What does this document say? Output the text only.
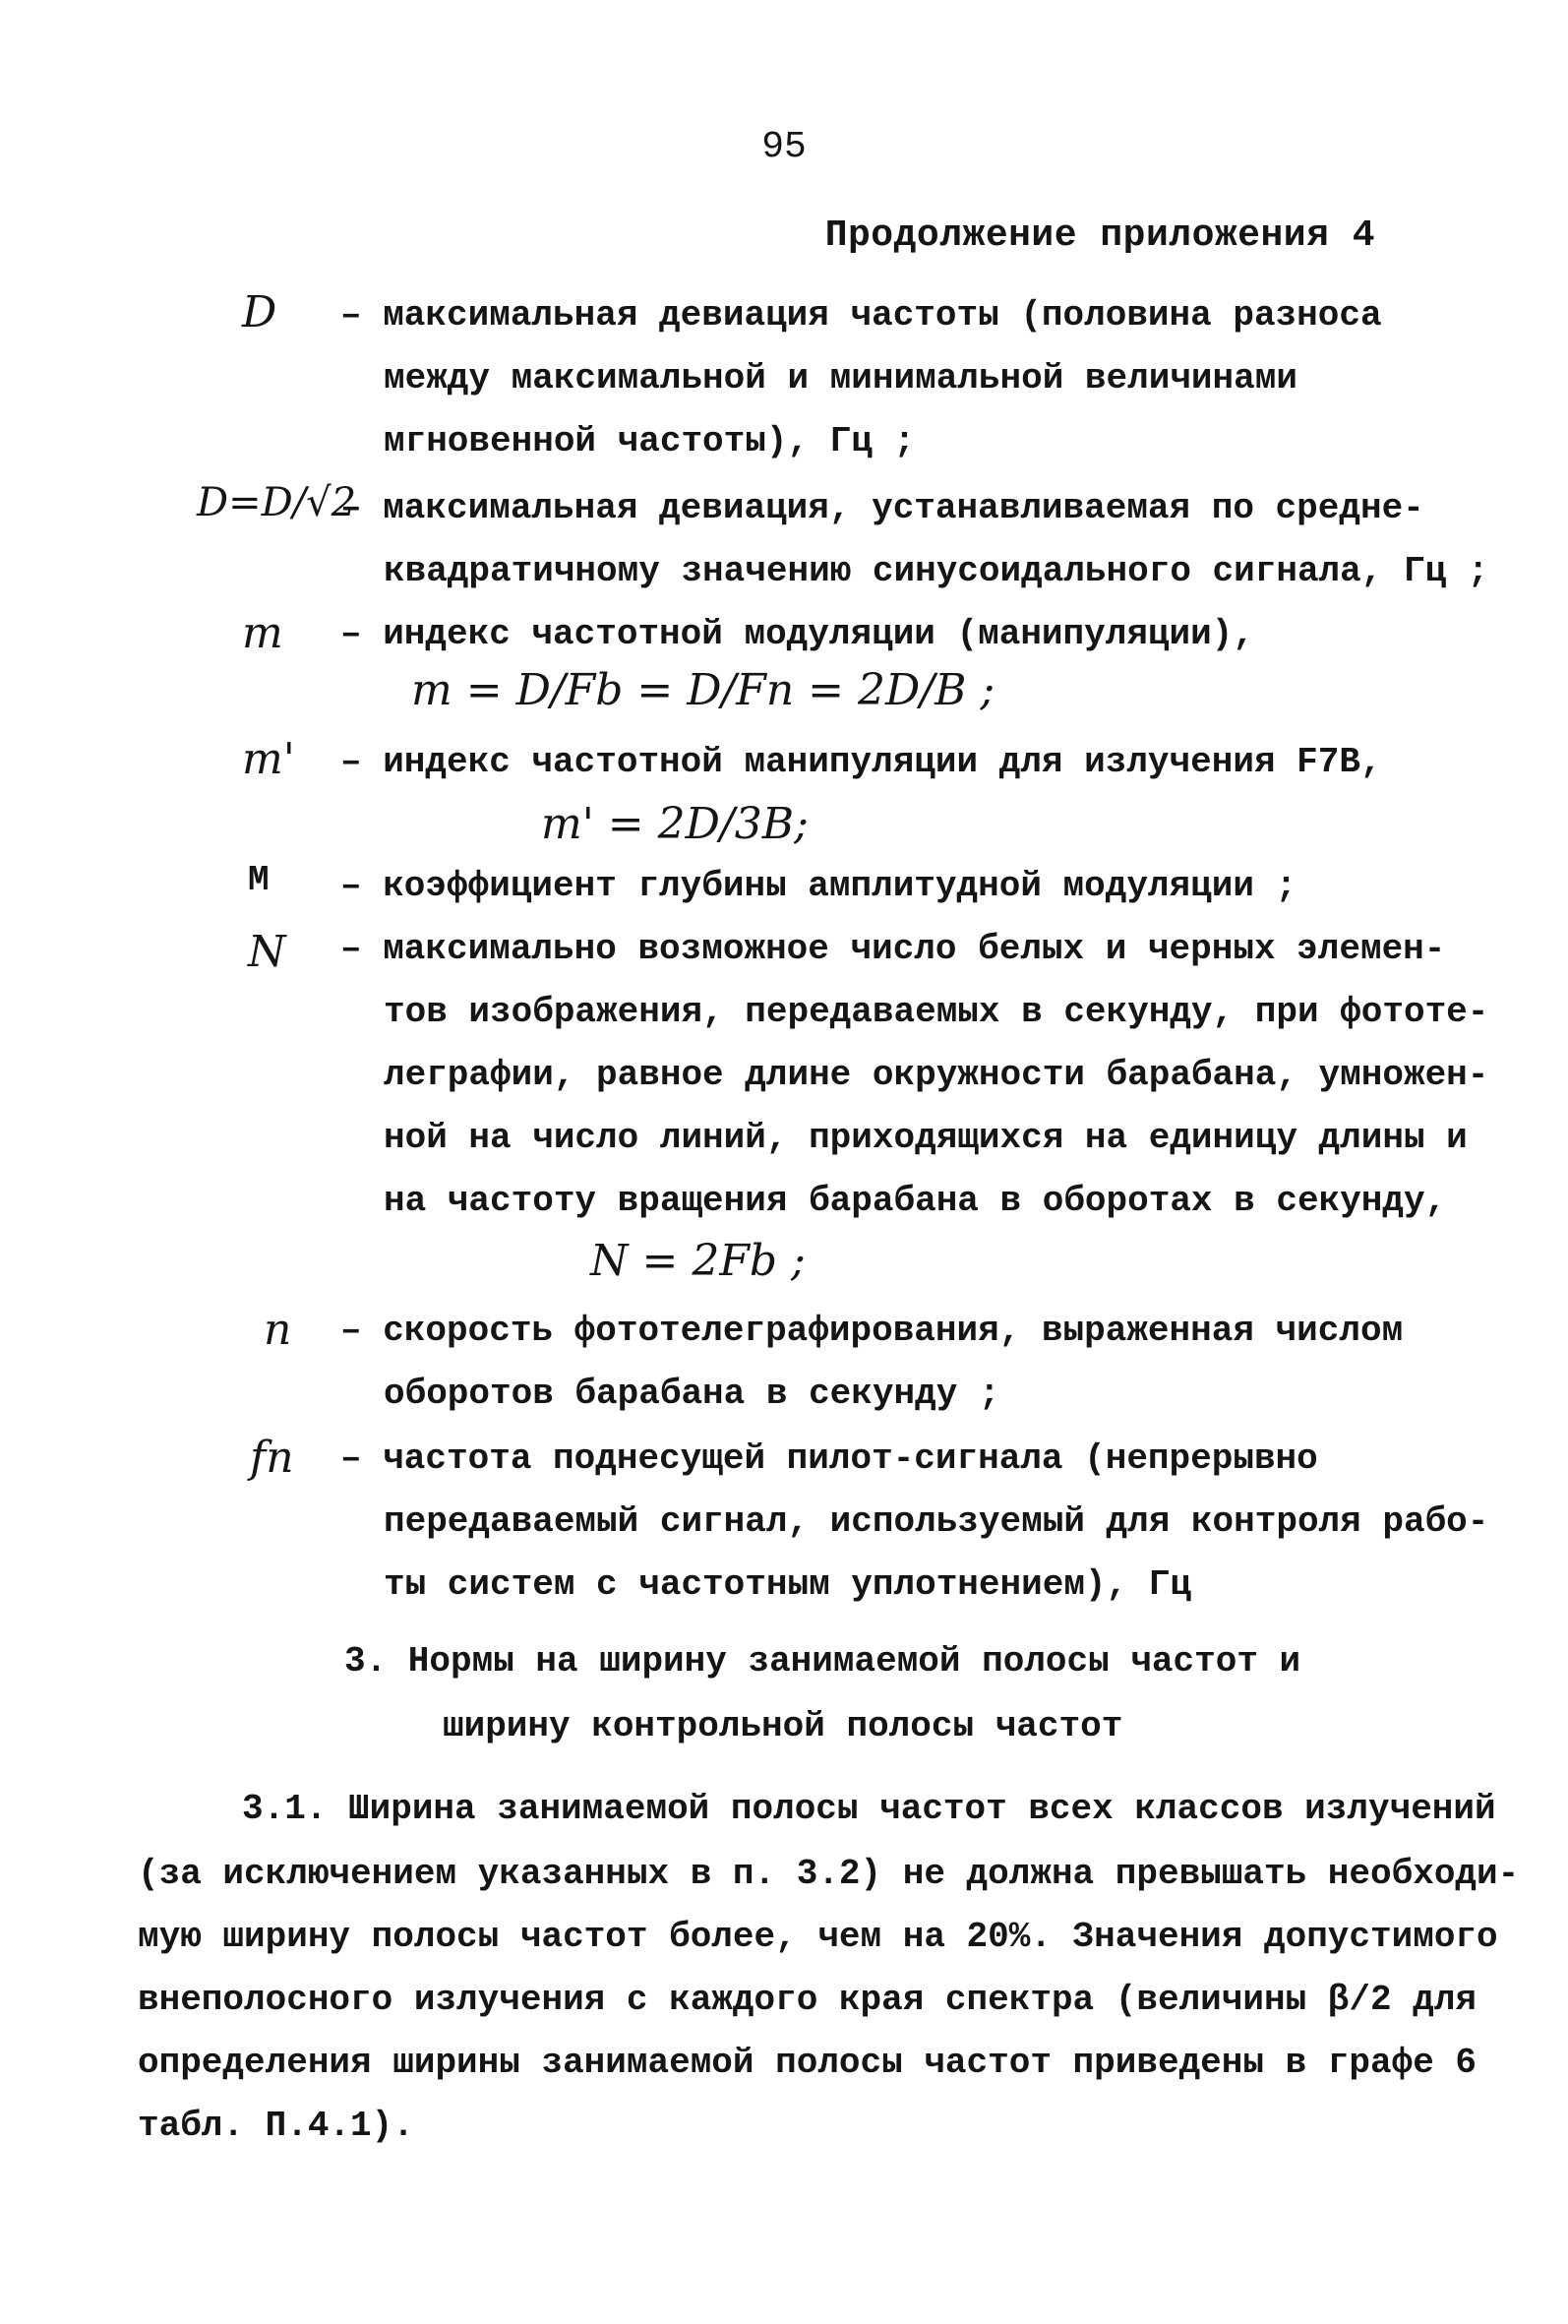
95
Продолжение приложения 4
D – максимальная девиация частоты (половина разноса
между максимальной и минимальной величинами
мгновенной частоты), Гц ;
D=D/√2
– максимальная девиация, устанавливаемая по средне-
квадратичному значению синусоидального сигнала, Гц ;
m – индекс частотной модуляции (манипуляции),
m = D/Fb = D/Fn = 2D/B ;
m' – индекс частотной манипуляции для излучения F7B,
m' = 2D/3B;
M – коэффициент глубины амплитудной модуляции ;
N – максимально возможное число белых и черных элемен-
тов изображения, передаваемых в секунду, при фототе-
леграфии, равное длине окружности барабана, умножен-
ной на число линий, приходящихся на единицу длины и
на частоту вращения барабана в оборотах в секунду,
N = 2Fb ;
n – скорость фототелеграфирования, выраженная числом
оборотов барабана в секунду ;
fп – частота поднесущей пилот-сигнала (непрерывно
передаваемый сигнал, используемый для контроля рабо-
ты систем с частотным уплотнением), Гц
3. Нормы на ширину занимаемой полосы частот и
ширину контрольной полосы частот
3.1. Ширина занимаемой полосы частот всех классов излучений
(за исключением указанных в п. 3.2) не должна превышать необходи-
мую ширину полосы частот более, чем на 20%. Значения допустимого
внеполосного излучения с каждого края спектра (величины β/2 для
определения ширины занимаемой полосы частот приведены в графе 6
табл. П.4.1).
